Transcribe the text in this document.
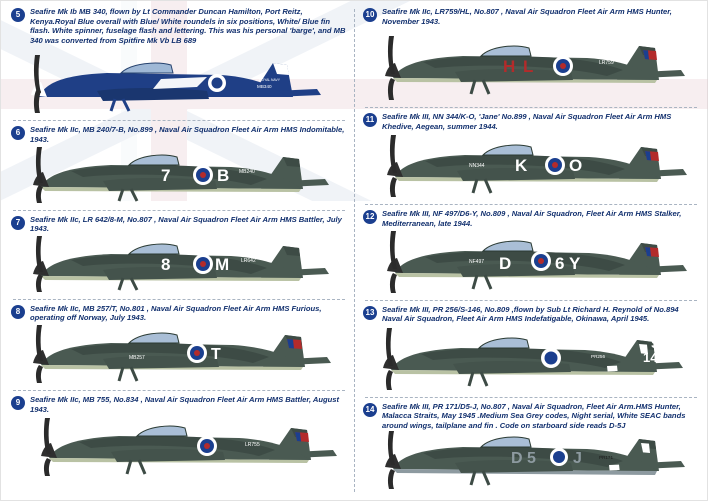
5	Seafire Mk Ib MB 340, flown by Lt Commander Duncan Hamilton, Port Reitz, Kenya.Royal Blue overall with Blue/ White roundels in six positions, White/ Blue fin flash. White spinner, fuselage flash and lettering. This was his personal 'barge', and MB 340 was converted from Spitfire Mk Vb LB 689
ROYAL NAVY
MB340
6	Seafire Mk IIc, MB 240/7-B, No.899 , Naval Air Squadron Fleet Air Arm HMS Indomitable, 1943.
7	B MB240
7	Seafire Mk IIc, LR 642/8-M, No.807 , Naval Air Squadron Fleet Air Arm HMS Battler, July 1943.
8	M LR642
8	Seafire Mk IIc, MB 257/T, No.801 , Naval Air Squadron Fleet Air Arm HMS Furious, operating off Norway, July 1943.
T
MB257
9	Seafire Mk IIc, MB 755, No.834 , Naval Air Squadron Fleet Air Arm HMS Battler, August 1943.
LR755
10 Seafire Mk IIc, LR759/HL, No.807 , Naval Air Squadron Fleet Air Arm HMS Hunter, November 1943.
H L	LR759
11	Seafire Mk III, NN 344/K-O, 'Jane' No.899 , Naval Air Squadron Fleet Air Arm HMS Khedive, Aegean, summer 1944.
K O
NN344
12 Seafire Mk III, NF 497/D6-Y, No.809 , Naval Air Squadron, Fleet Air Arm HMS Stalker, Mediterranean, late 1944.
D	6 Y
NF497
13 Seafire Mk III, PR 256/S-146, No.809 ,flown by Sub Lt Richard H. Reynold of No.894 Naval Air Squadron, Fleet Air Arm HMS Indefatigable, Okinawa, April 1945.
S
146
PR256
14 Seafire Mk III, PR 171/D5-J, No.807 , Naval Air Squadron, Fleet Air Arm.HMS Hunter, Malacca Straits, May 1945 .Medium Sea Grey codes, Night serial, White SEAC bands around wings, tailplane and fin . Code on starboard side reads D-5J
D 5 J	PR171
